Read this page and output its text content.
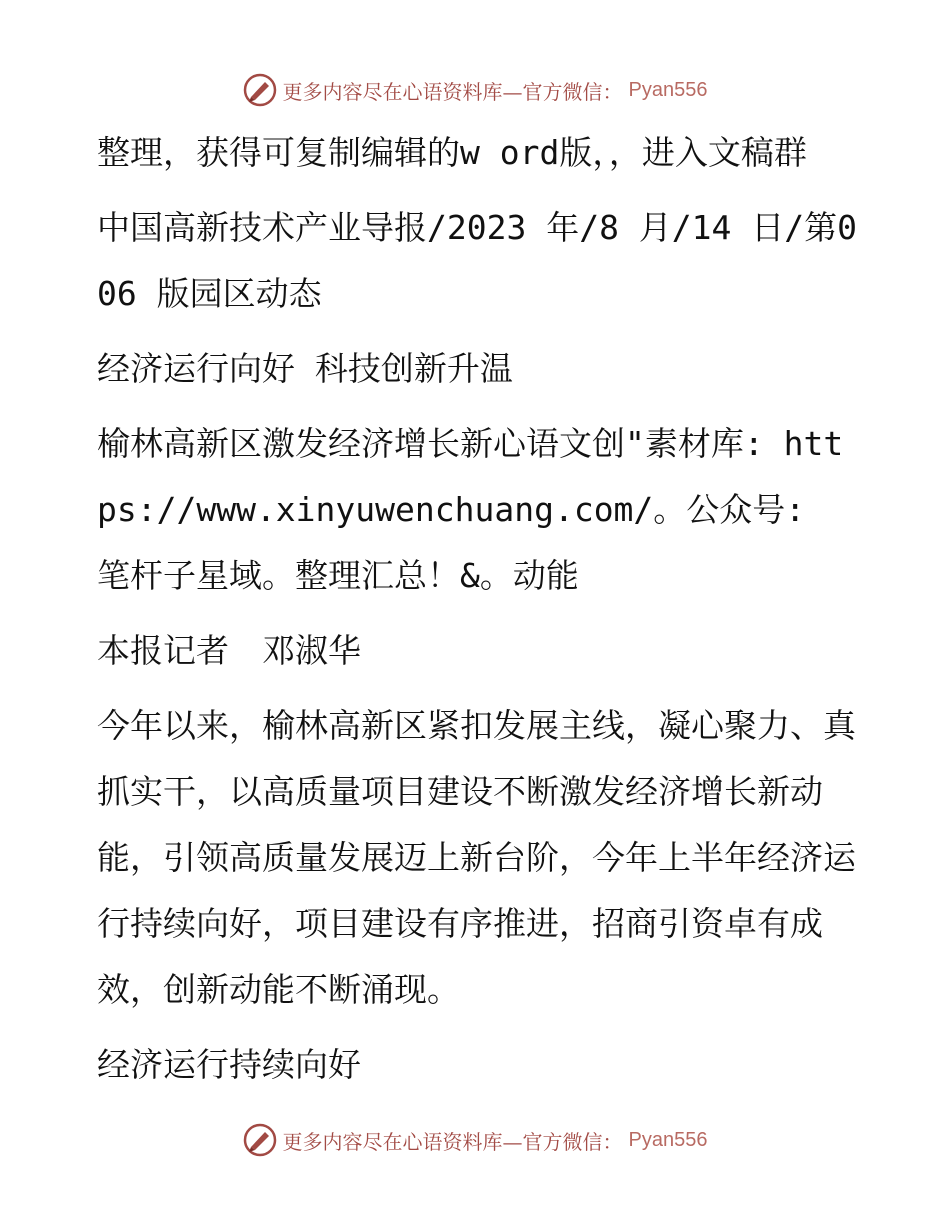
更多内容尽在心语资料库—官方微信： Pyan556

整理，获得可复制编辑的w ord版，，进入文稿群

中国高新技术产业导报/2023 年/8 月/14 日/第006 版园区动态

经济运行向好 科技创新升温

榆林高新区激发经济增长新心语文创"素材库: https://www.xinyuwenchuang.com/。公众号: 笔杆子星域。整理汇总！&。动能

本报记者　邓淑华

今年以来，榆林高新区紧扣发展主线，凝心聚力、真抓实干，以高质量项目建设不断激发经济增长新动能，引领高质量发展迈上新台阶，今年上半年经济运行持续向好，项目建设有序推进，招商引资卓有成效，创新动能不断涌现。

经济运行持续向好

更多内容尽在心语资料库—官方微信： Pyan556
